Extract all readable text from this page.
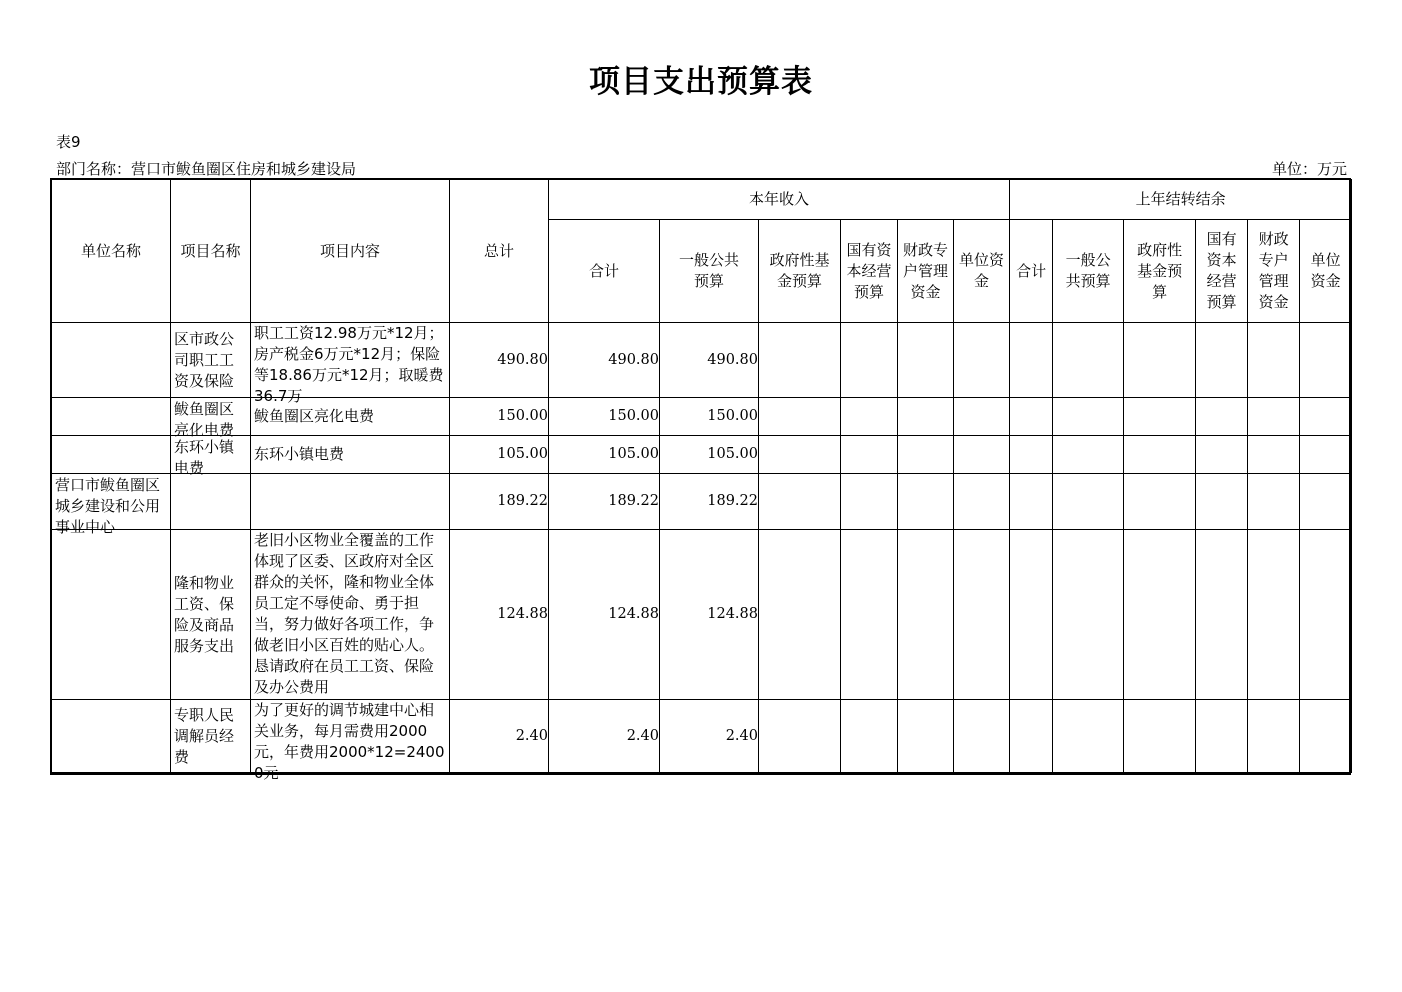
项目支出预算表
表9
部门名称：营口市鲅鱼圈区住房和城乡建设局	单位：万元
单位名称	项目名称	项目内容	总计	本年收入						上年结转结余					
				合计	一般公共预算	政府性基金预算	国有资本经营预算	财政专户管理资金	单位资金	合计	一般公共预算	政府性基金预算	国有资本经营预算	财政专户管理资金	单位资金

	区市政公司职工工资及保险	职工工资12.98万元*12月；房产税金6万元*12月；保险等18.86万元*12月；取暖费36.7万	490.80	490.80	490.80										

	鲅鱼圈区亮化电费	鲅鱼圈区亮化电费	150.00	150.00	150.00										

	东环小镇电费	东环小镇电费	105.00	105.00	105.00										

营口市鲅鱼圈区城乡建设和公用事业中心			189.22	189.22	189.22										

	隆和物业工资、保险及商品服务支出	老旧小区物业全覆盖的工作体现了区委、区政府对全区群众的关怀，隆和物业全体员工定不辱使命、勇于担当，努力做好各项工作，争做老旧小区百姓的贴心人。恳请政府在员工工资、保险及办公费用	124.88	124.88	124.88										

	专职人民调解员经费	为了更好的调节城建中心相关业务，每月需费用2000元，年费用2000*12=24000元	2.40	2.40	2.40										
